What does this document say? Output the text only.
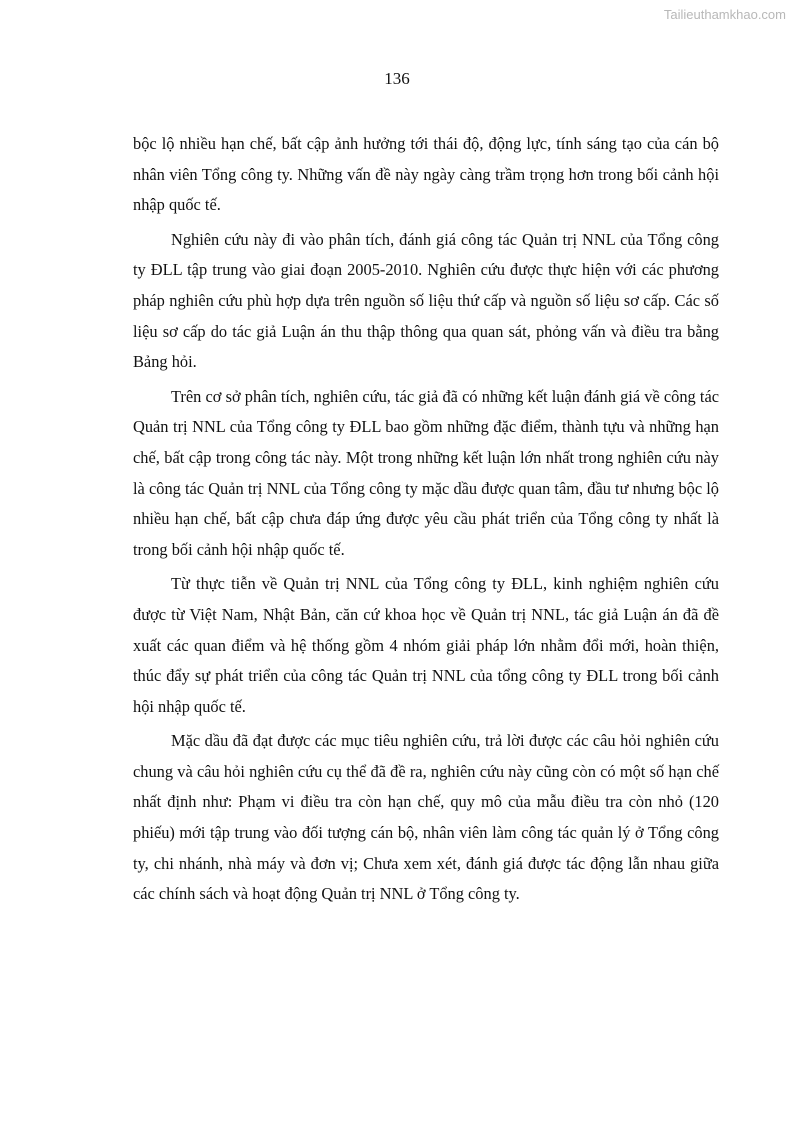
Tailieuthamkhao.com
136

bộc lộ nhiều hạn chế, bất cập ảnh hưởng tới thái độ, động lực, tính sáng tạo của cán bộ nhân viên Tổng công ty. Những vấn đề này ngày càng trầm trọng hơn trong bối cảnh hội nhập quốc tế.

Nghiên cứu này đi vào phân tích, đánh giá công tác Quản trị NNL của Tổng công ty ĐLL tập trung vào giai đoạn 2005-2010. Nghiên cứu được thực hiện với các phương pháp nghiên cứu phù hợp dựa trên nguồn số liệu thứ cấp và nguồn số liệu sơ cấp. Các số liệu sơ cấp do tác giả Luận án thu thập thông qua quan sát, phỏng vấn và điều tra bằng Bảng hỏi.

Trên cơ sở phân tích, nghiên cứu, tác giả đã có những kết luận đánh giá về công tác Quản trị NNL của Tổng công ty ĐLL bao gồm những đặc điểm, thành tựu và những hạn chế, bất cập trong công tác này. Một trong những kết luận lớn nhất trong nghiên cứu này là công tác Quản trị NNL của Tổng công ty mặc dầu được quan tâm, đầu tư nhưng bộc lộ nhiều hạn chế, bất cập chưa đáp ứng được yêu cầu phát triển của Tổng công ty nhất là trong bối cảnh hội nhập quốc tế.

Từ thực tiễn về Quản trị NNL của Tổng công ty ĐLL, kinh nghiệm nghiên cứu được từ Việt Nam, Nhật Bản, căn cứ khoa học về Quản trị NNL, tác giả Luận án đã đề xuất các quan điểm và hệ thống gồm 4 nhóm giải pháp lớn nhằm đổi mới, hoàn thiện, thúc đẩy sự phát triển của công tác Quản trị NNL của tổng công ty ĐLL trong bối cảnh hội nhập quốc tế.

Mặc dầu đã đạt được các mục tiêu nghiên cứu, trả lời được các câu hỏi nghiên cứu chung và câu hỏi nghiên cứu cụ thể đã đề ra, nghiên cứu này cũng còn có một số hạn chế nhất định như: Phạm vi điều tra còn hạn chế, quy mô của mẫu điều tra còn nhỏ (120 phiếu) mới tập trung vào đối tượng cán bộ, nhân viên làm công tác quản lý ở Tổng công ty, chi nhánh, nhà máy và đơn vị; Chưa xem xét, đánh giá được tác động lẫn nhau giữa các chính sách và hoạt động Quản trị NNL ở Tổng công ty.
